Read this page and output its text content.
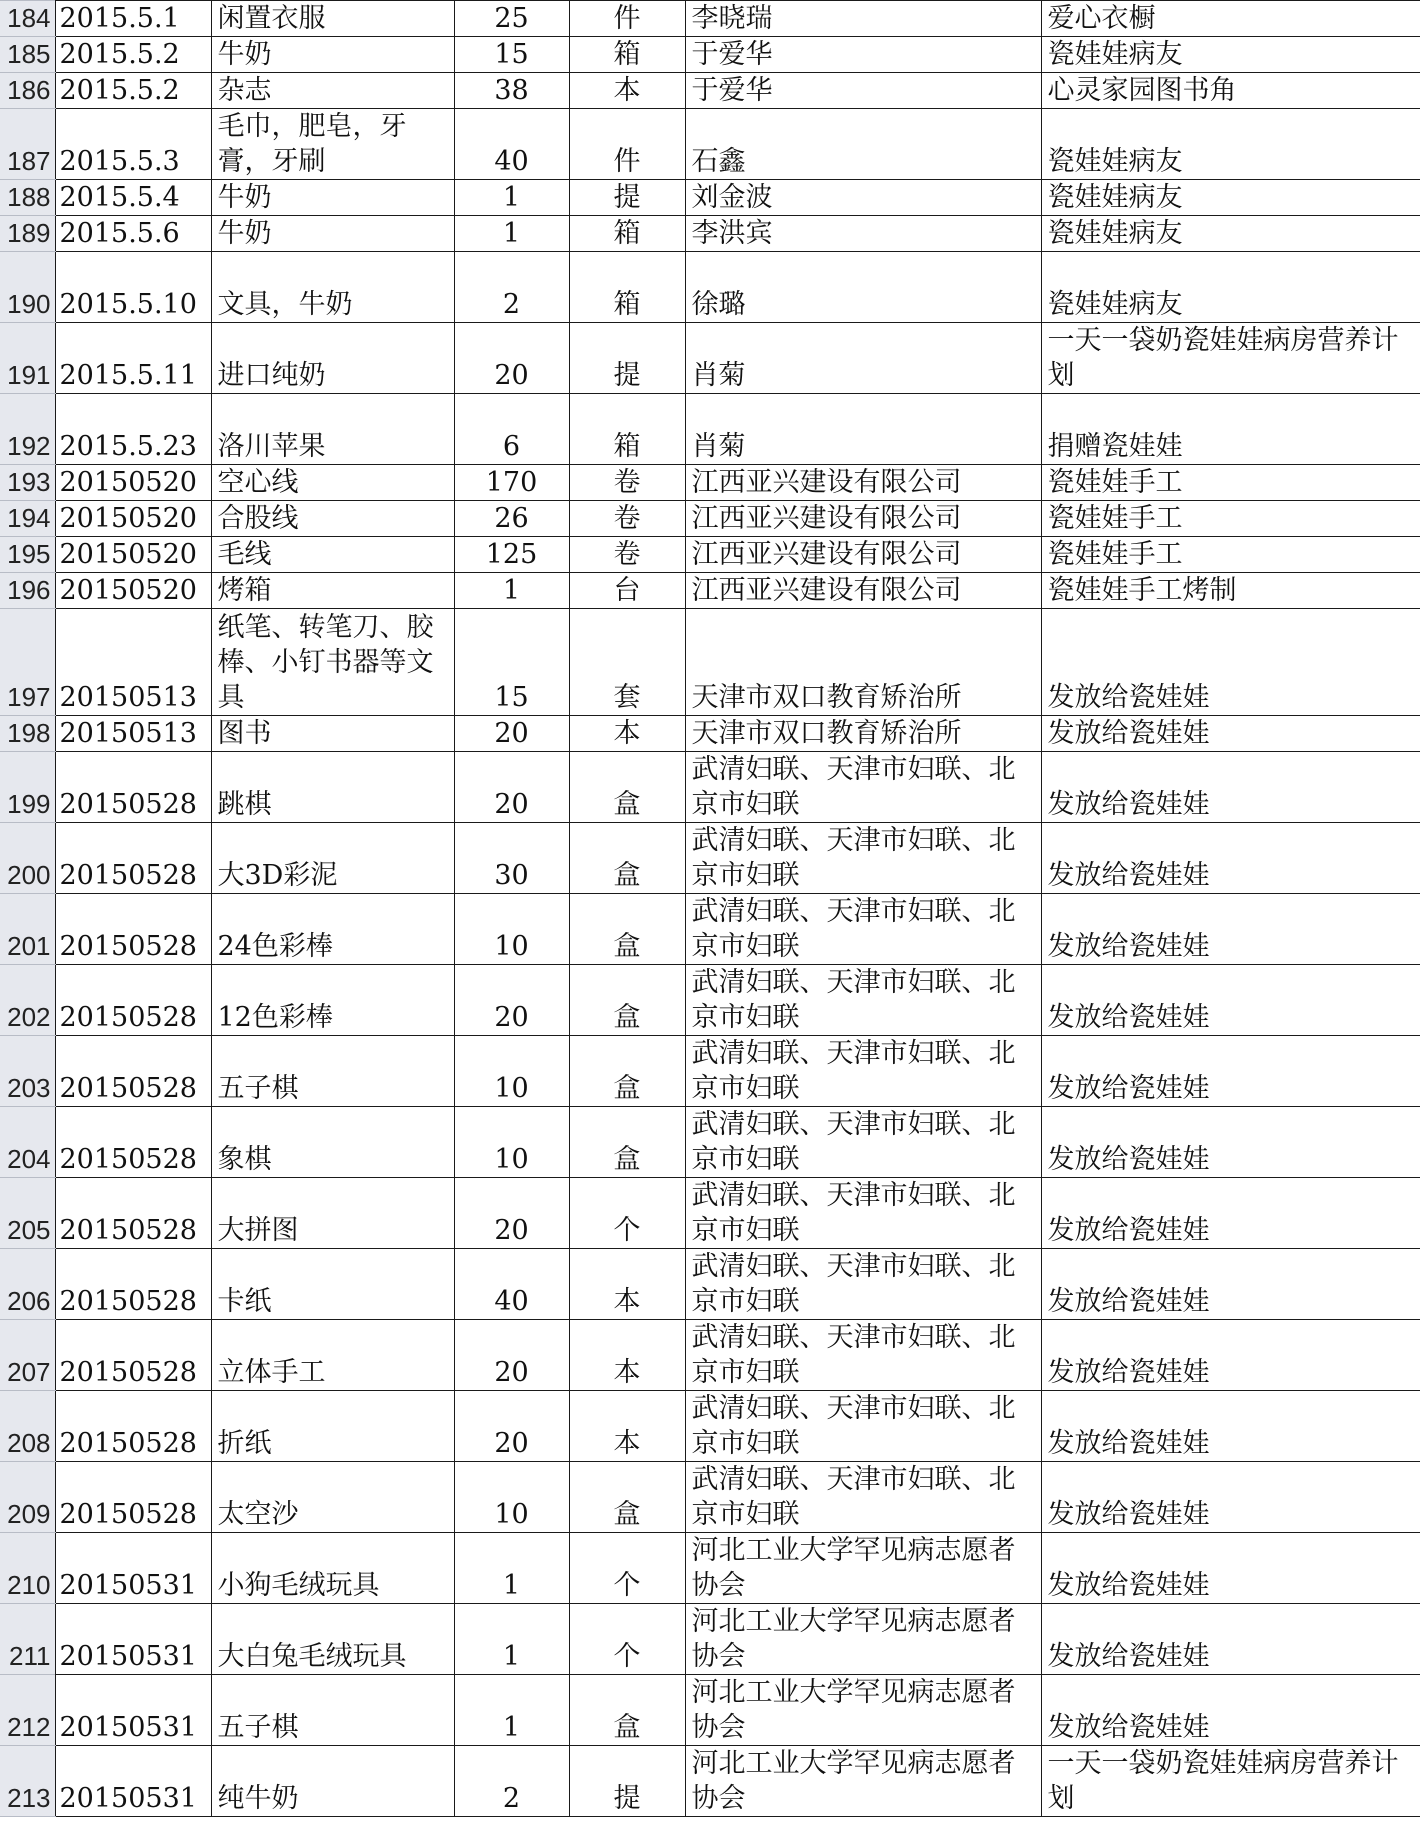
184	2015.5.1	闲置衣服	25	件	李晓瑞	爱心衣橱
185	2015.5.2	牛奶	15	箱	于爱华	瓷娃娃病友
186	2015.5.2	杂志	38	本	于爱华	心灵家园图书角
187	2015.5.3	毛巾，肥皂，牙膏，牙刷	40	件	石鑫	瓷娃娃病友
188	2015.5.4	牛奶	1	提	刘金波	瓷娃娃病友
189	2015.5.6	牛奶	1	箱	李洪宾	瓷娃娃病友
190	2015.5.10	文具，牛奶	2	箱	徐璐	瓷娃娃病友
191	2015.5.11	进口纯奶	20	提	肖菊	一天一袋奶瓷娃娃病房营养计划
192	2015.5.23	洛川苹果	6	箱	肖菊	捐赠瓷娃娃
193	20150520	空心线	170	卷	江西亚兴建设有限公司	瓷娃娃手工
194	20150520	合股线	26	卷	江西亚兴建设有限公司	瓷娃娃手工
195	20150520	毛线	125	卷	江西亚兴建设有限公司	瓷娃娃手工
196	20150520	烤箱	1	台	江西亚兴建设有限公司	瓷娃娃手工烤制
197	20150513	纸笔、转笔刀、胶棒、小钉书器等文具	15	套	天津市双口教育矫治所	发放给瓷娃娃
198	20150513	图书	20	本	天津市双口教育矫治所	发放给瓷娃娃
199	20150528	跳棋	20	盒	武清妇联、天津市妇联、北京市妇联	发放给瓷娃娃
200	20150528	大3D彩泥	30	盒	武清妇联、天津市妇联、北京市妇联	发放给瓷娃娃
201	20150528	24色彩棒	10	盒	武清妇联、天津市妇联、北京市妇联	发放给瓷娃娃
202	20150528	12色彩棒	20	盒	武清妇联、天津市妇联、北京市妇联	发放给瓷娃娃
203	20150528	五子棋	10	盒	武清妇联、天津市妇联、北京市妇联	发放给瓷娃娃
204	20150528	象棋	10	盒	武清妇联、天津市妇联、北京市妇联	发放给瓷娃娃
205	20150528	大拼图	20	个	武清妇联、天津市妇联、北京市妇联	发放给瓷娃娃
206	20150528	卡纸	40	本	武清妇联、天津市妇联、北京市妇联	发放给瓷娃娃
207	20150528	立体手工	20	本	武清妇联、天津市妇联、北京市妇联	发放给瓷娃娃
208	20150528	折纸	20	本	武清妇联、天津市妇联、北京市妇联	发放给瓷娃娃
209	20150528	太空沙	10	盒	武清妇联、天津市妇联、北京市妇联	发放给瓷娃娃
210	20150531	小狗毛绒玩具	1	个	河北工业大学罕见病志愿者协会	发放给瓷娃娃
211	20150531	大白兔毛绒玩具	1	个	河北工业大学罕见病志愿者协会	发放给瓷娃娃
212	20150531	五子棋	1	盒	河北工业大学罕见病志愿者协会	发放给瓷娃娃
213	20150531	纯牛奶	2	提	河北工业大学罕见病志愿者协会	一天一袋奶瓷娃娃病房营养计划
